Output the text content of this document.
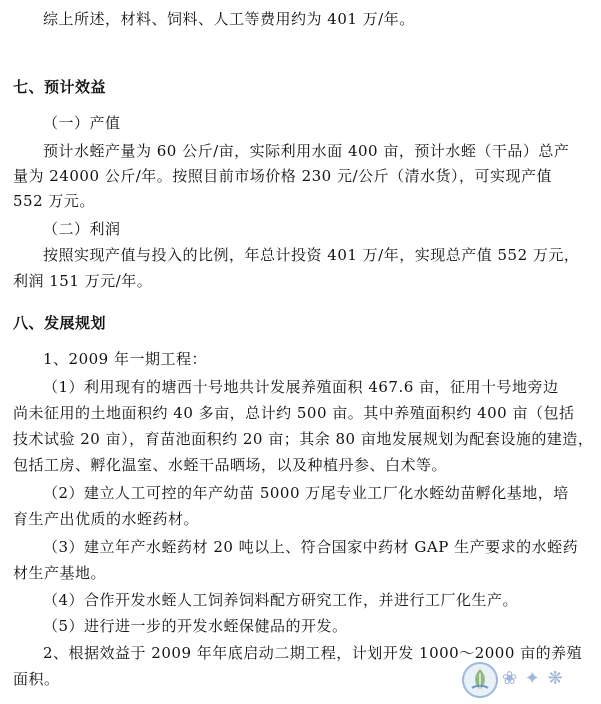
综上所述，材料、饲料、人工等费用约为 401 万/年。
七、预计效益
（一）产值
预计水蛭产量为 60 公斤/亩，实际利用水面 400 亩，预计水蛭（干品）总产
量为 24000 公斤/年。按照目前市场价格 230 元/公斤（清水货），可实现产值
552 万元。
（二）利润
按照实现产值与投入的比例，年总计投资 401 万/年，实现总产值 552 万元，
利润 151 万元/年。
八、发展规划
1、2009 年一期工程：
（1）利用现有的塘西十号地共计发展养殖面积 467.6 亩，征用十号地旁边
尚未征用的土地面积约 40 多亩，总计约 500 亩。其中养殖面积约 400 亩（包括
技术试验 20 亩），育苗池面积约 20 亩；其余 80 亩地发展规划为配套设施的建造，
包括工房、孵化温室、水蛭干品晒场，以及种植丹参、白术等。
（2）建立人工可控的年产幼苗 5000 万尾专业工厂化水蛭幼苗孵化基地，培
育生产出优质的水蛭药材。
（3）建立年产水蛭药材 20 吨以上、符合国家中药材 GAP 生产要求的水蛭药
材生产基地。
（4）合作开发水蛭人工饲养饲料配方研究工作，并进行工厂化生产。
（5）进行进一步的开发水蛭保健品的开发。
2、根据效益于 2009 年年底启动二期工程，计划开发 1000～2000 亩的养殖
面积。	❀ ✦ ❋
